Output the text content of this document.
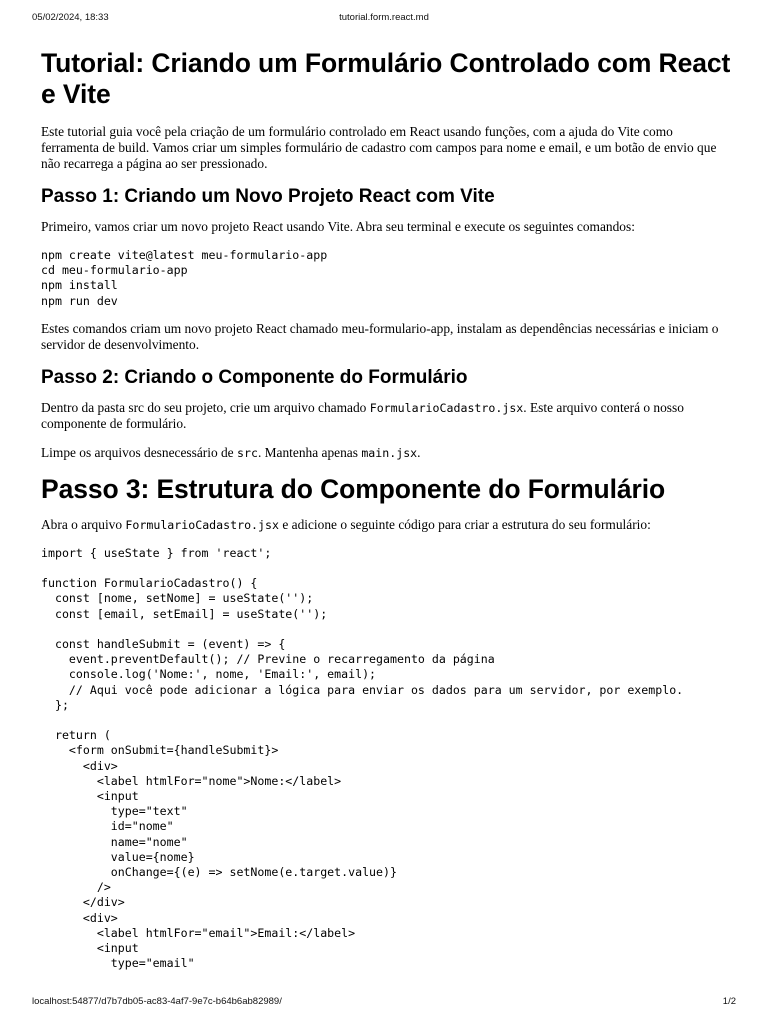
05/02/2024, 18:33	tutorial.form.react.md
Tutorial: Criando um Formulário Controlado com React e Vite

Este tutorial guia você pela criação de um formulário controlado em React usando funções, com a ajuda do Vite como ferramenta de build. Vamos criar um simples formulário de cadastro com campos para nome e email, e um botão de envio que não recarrega a página ao ser pressionado.

Passo 1: Criando um Novo Projeto React com Vite

Primeiro, vamos criar um novo projeto React usando Vite. Abra seu terminal e execute os seguintes comandos:

npm create vite@latest meu-formulario-app
cd meu-formulario-app
npm install
npm run dev

Estes comandos criam um novo projeto React chamado meu-formulario-app, instalam as dependências necessárias e iniciam o servidor de desenvolvimento.

Passo 2: Criando o Componente do Formulário

Dentro da pasta src do seu projeto, crie um arquivo chamado FormularioCadastro.jsx. Este arquivo conterá o nosso componente de formulário.

Limpe os arquivos desnecessário de src. Mantenha apenas main.jsx.

Passo 3: Estrutura do Componente do Formulário

Abra o arquivo FormularioCadastro.jsx e adicione o seguinte código para criar a estrutura do seu formulário:

import { useState } from 'react';

function FormularioCadastro() {
const [nome, setNome] = useState('');
const [email, setEmail] = useState('');

const handleSubmit = (event) => {
event.preventDefault(); // Previne o recarregamento da página
console.log('Nome:', nome, 'Email:', email);
// Aqui você pode adicionar a lógica para enviar os dados para um servidor, por exemplo.
};

return (
<form onSubmit={handleSubmit}>
<div>
<label htmlFor="nome">Nome:</label>
<input
type="text"
id="nome"
name="nome"
value={nome}
onChange={(e) => setNome(e.target.value)}
/>
</div>
<div>
<label htmlFor="email">Email:</label>
<input
type="email"
localhost:54877/d7b7db05-ac83-4af7-9e7c-b64b6ab82989/	1/2
